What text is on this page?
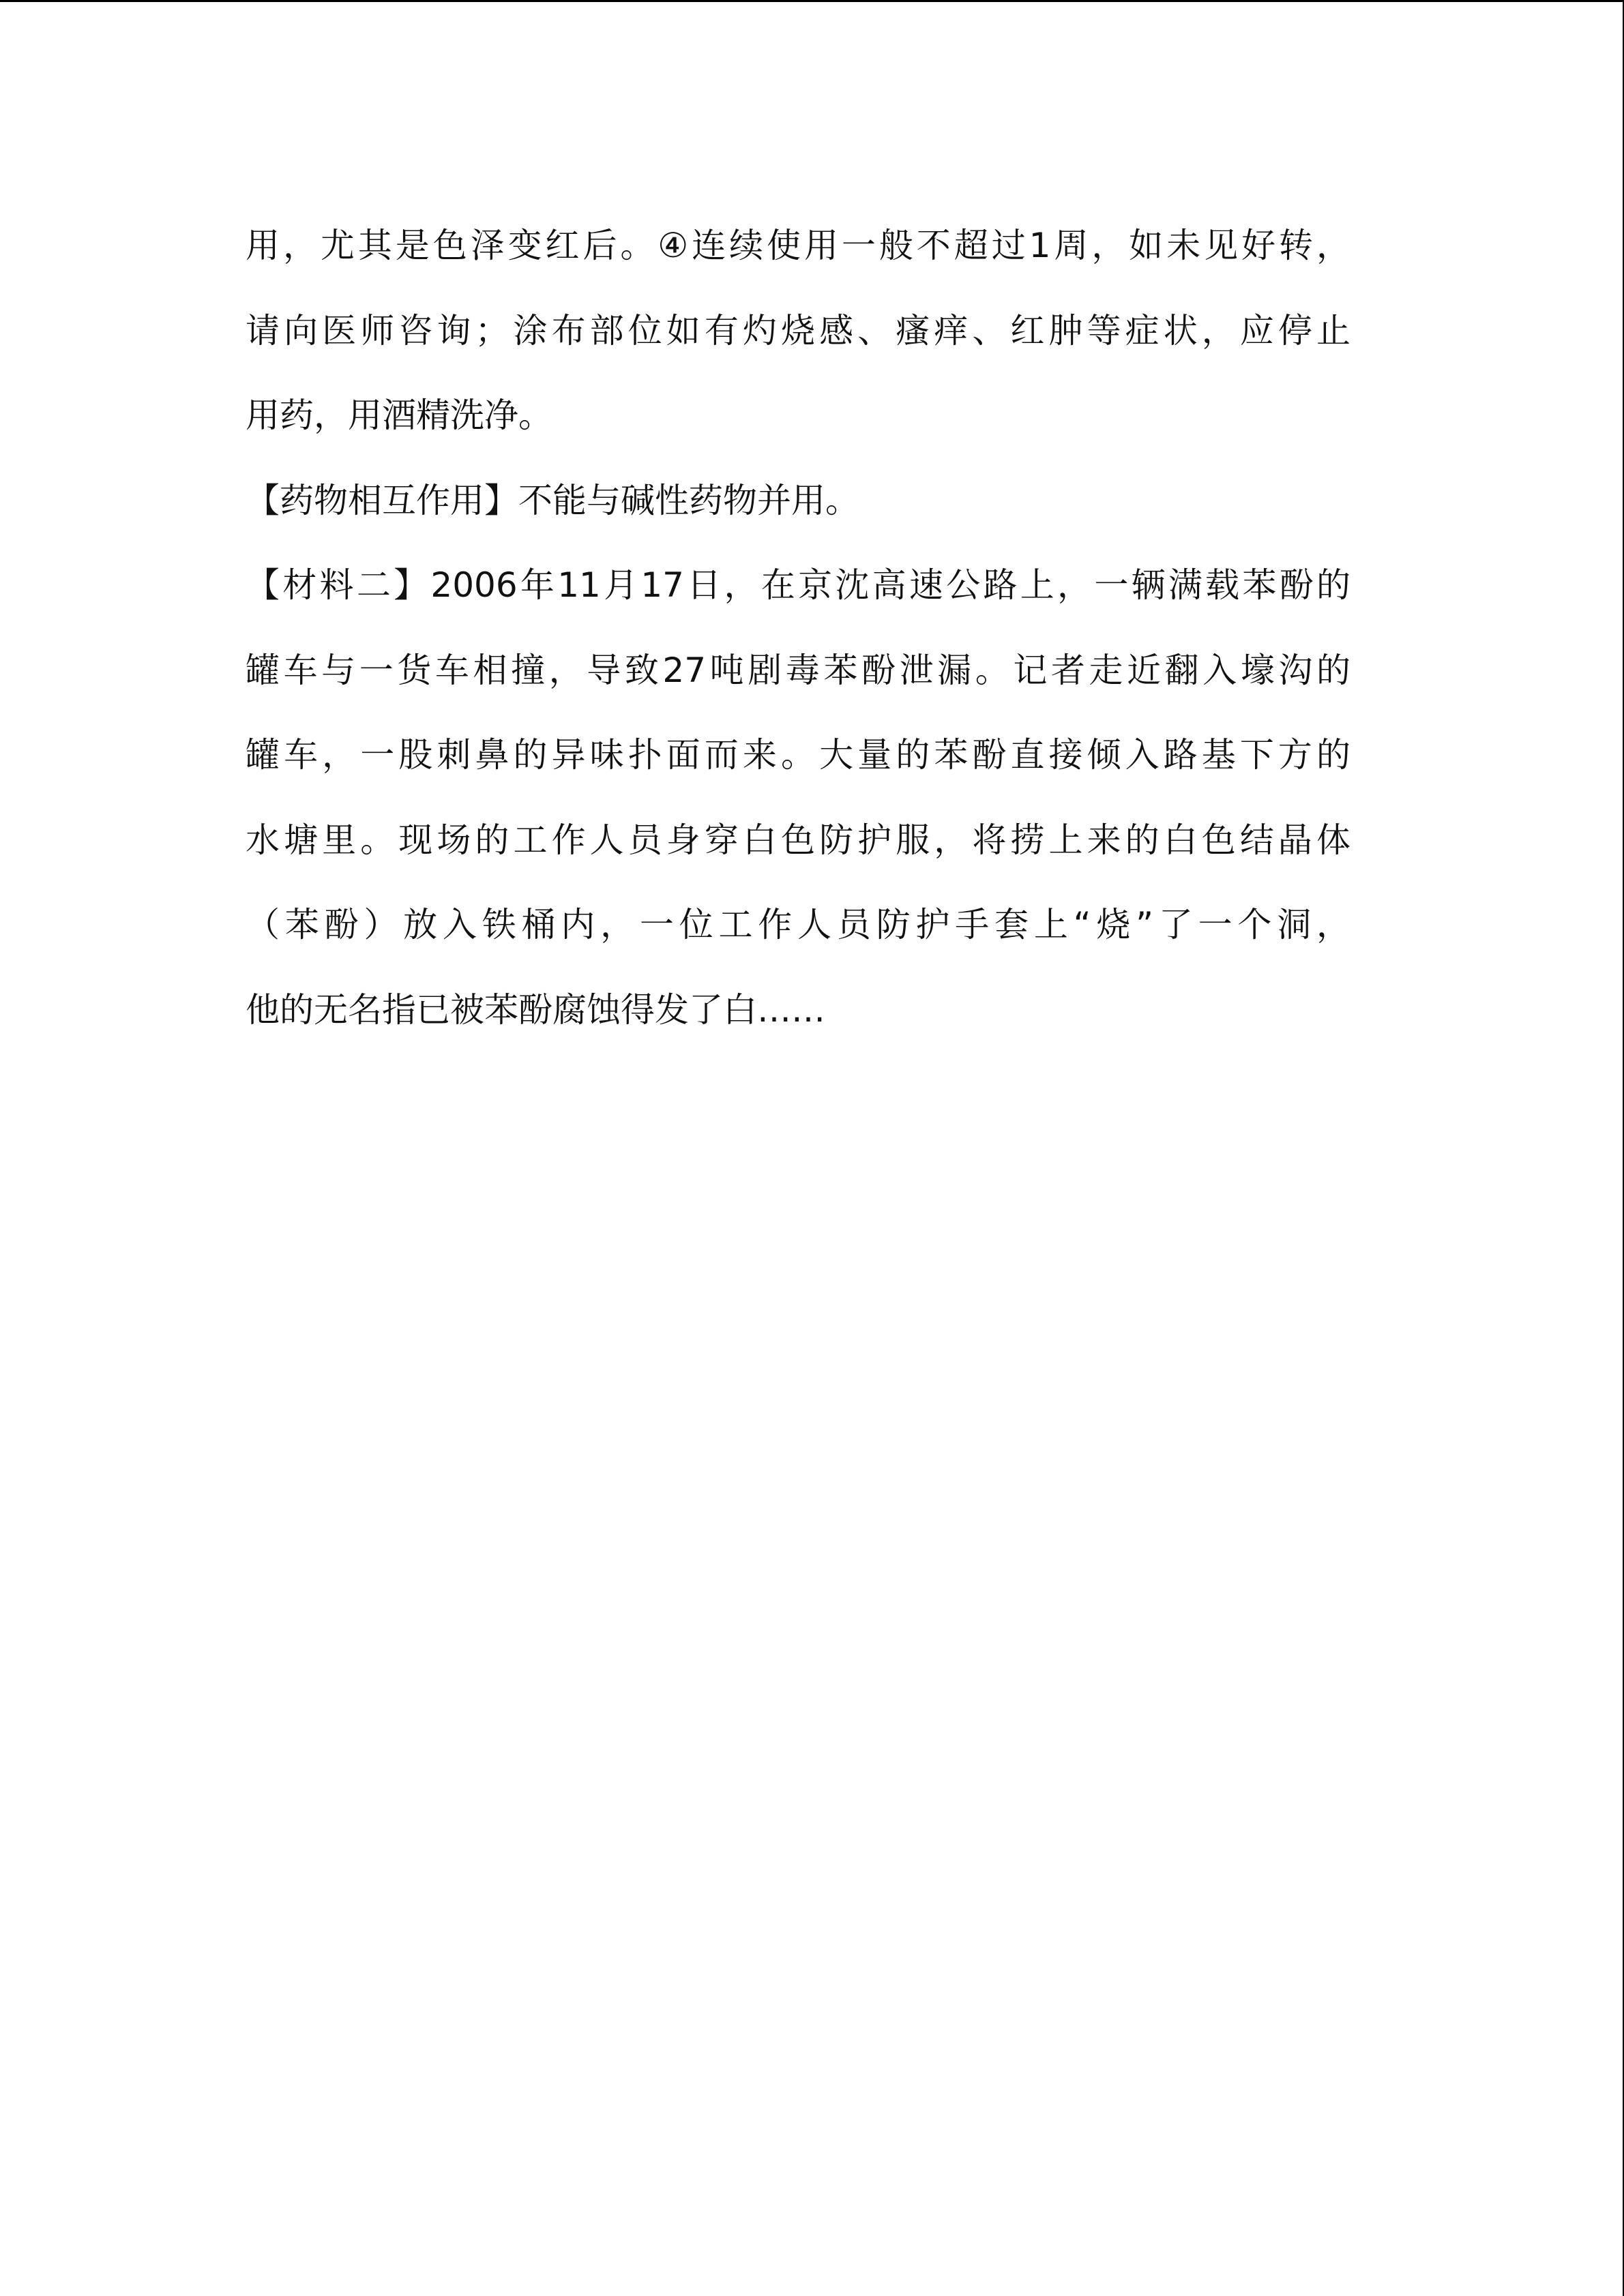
用，尤其是色泽变红后。④连续使用一般不超过1周，如未见好转，
请向医师咨询；涂布部位如有灼烧感、瘙痒、红肿等症状，应停止
用药，用酒精洗净。
【药物相互作用】不能与碱性药物并用。
【材料二】2006年11月17日，在京沈高速公路上，一辆满载苯酚的
罐车与一货车相撞，导致27吨剧毒苯酚泄漏。记者走近翻入壕沟的
罐车，一股刺鼻的异味扑面而来。大量的苯酚直接倾入路基下方的
水塘里。现场的工作人员身穿白色防护服，将捞上来的白色结晶体
（苯酚）放入铁桶内，一位工作人员防护手套上“烧”了一个洞，
他的无名指已被苯酚腐蚀得发了白……
